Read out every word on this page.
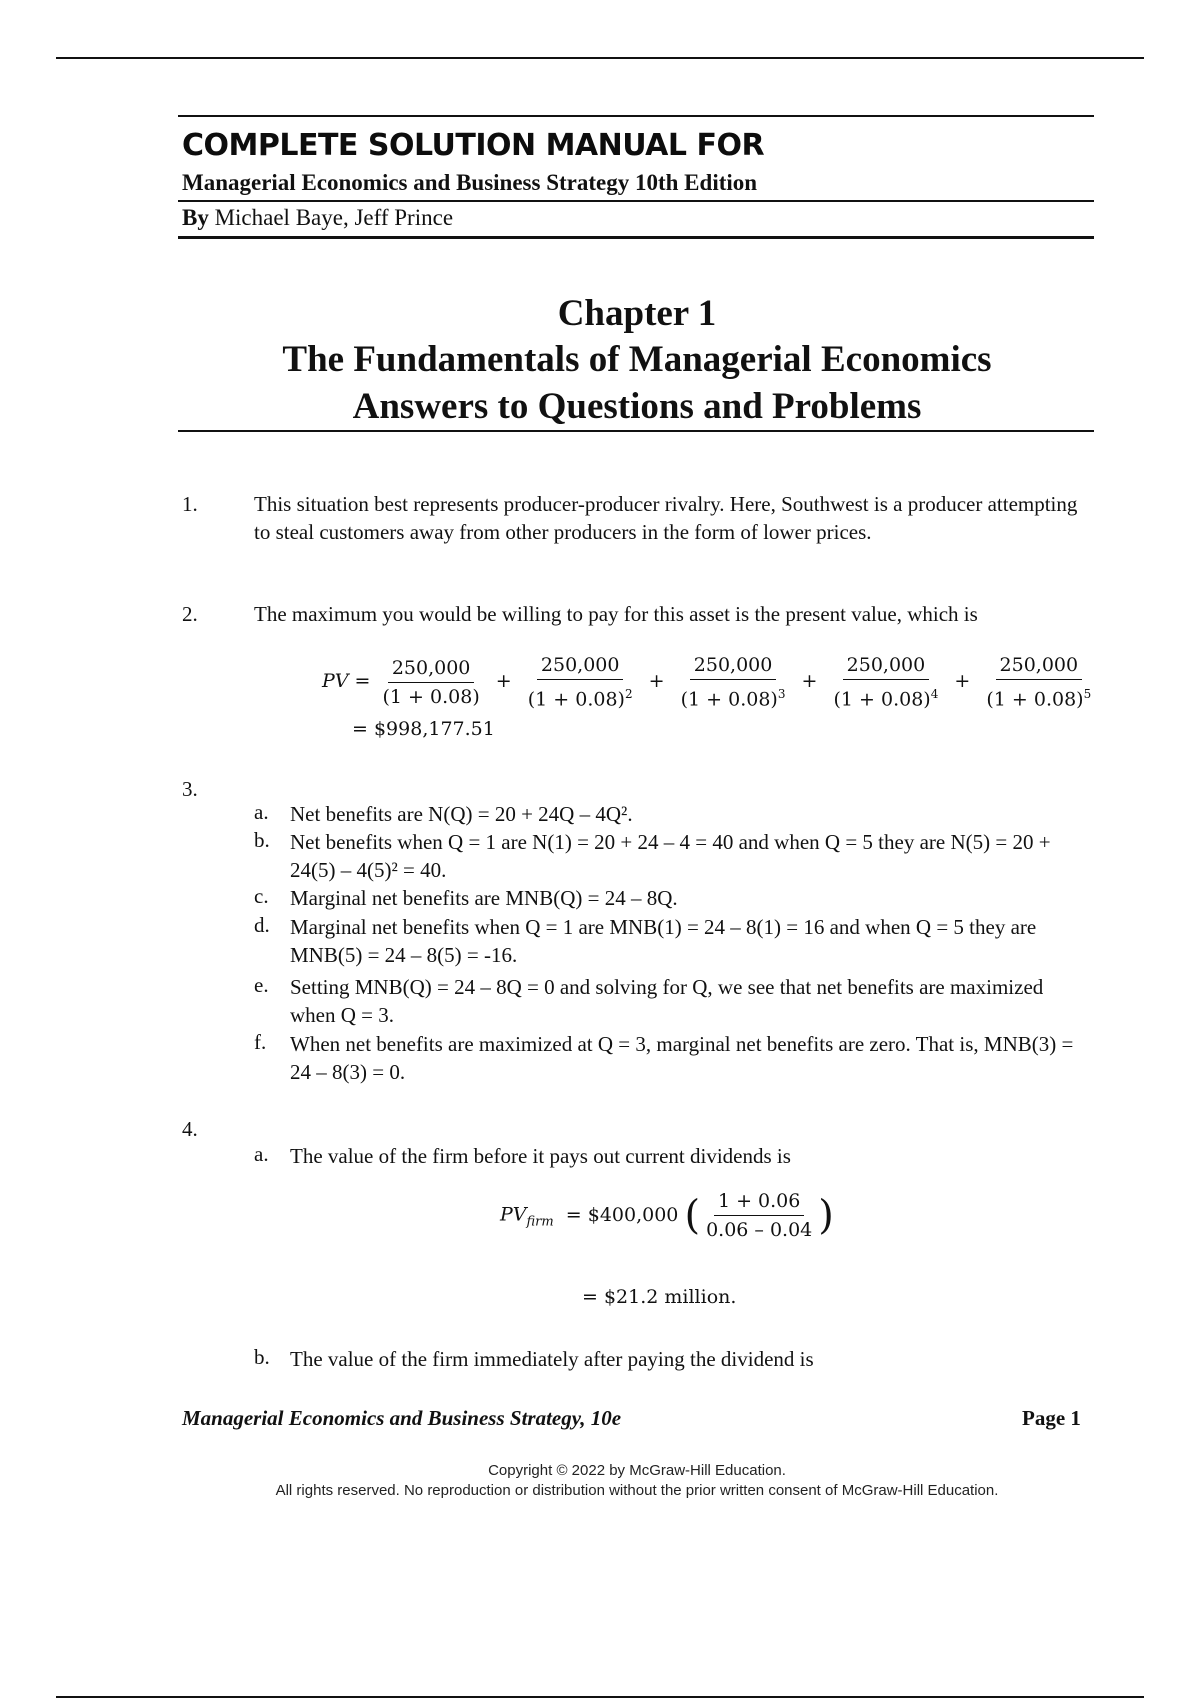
COMPLETE SOLUTION MANUAL FOR
Managerial Economics and Business Strategy 10th Edition
By Michael Baye, Jeff Prince
Chapter 1
The Fundamentals of Managerial Economics
Answers to Questions and Problems
1.	This situation best represents producer-producer rivalry. Here, Southwest is a producer attempting to steal customers away from other producers in the form of lower prices.
2.	The maximum you would be willing to pay for this asset is the present value, which is
PV = $\frac{250,000}{(1 + 0.08)} + \frac{250,000}{(1 + 0.08)^2} + \frac{250,000}{(1 + 0.08)^3} + \frac{250,000}{(1 + 0.08)^4} + \frac{250,000}{(1 + 0.08)^5}$
= $998,177.51
3.
a. Net benefits are N(Q) = 20 + 24Q – 4Q².
b. Net benefits when Q = 1 are N(1) = 20 + 24 – 4 = 40 and when Q = 5 they are N(5) = 20 + 24(5) – 4(5)² = 40.
c. Marginal net benefits are MNB(Q) = 24 – 8Q.
d. Marginal net benefits when Q = 1 are MNB(1) = 24 – 8(1) = 16 and when Q = 5 they are MNB(5) = 24 – 8(5) = -16.
e. Setting MNB(Q) = 24 – 8Q = 0 and solving for Q, we see that net benefits are maximized when Q = 3.
f. When net benefits are maximized at Q = 3, marginal net benefits are zero. That is, MNB(3) = 24 – 8(3) = 0.
4.
a. The value of the firm before it pays out current dividends is
$PV_{firm}$ = $400,000 ( $\frac{1 + 0.06}{0.06 - 0.04}$ )
= $21.2 million.
b. The value of the firm immediately after paying the dividend is
Managerial Economics and Business Strategy, 10e	Page 1
Copyright © 2022 by McGraw-Hill Education.
All rights reserved. No reproduction or distribution without the prior written consent of McGraw-Hill Education.
